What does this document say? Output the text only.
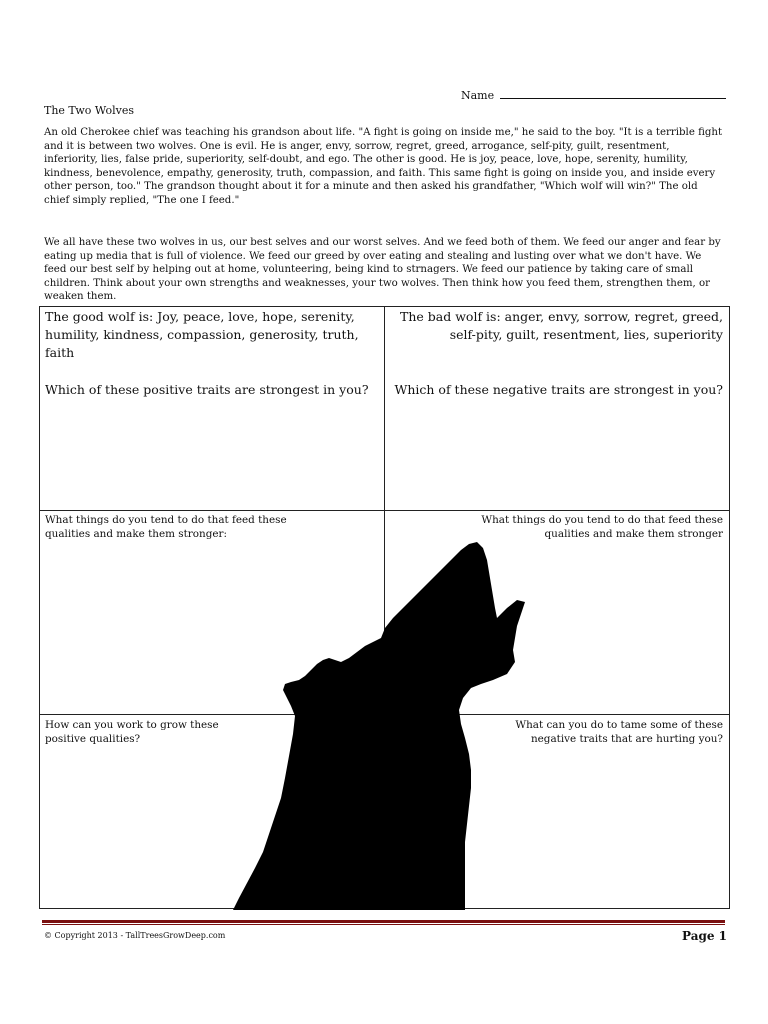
Name
The Two Wolves

An old Cherokee chief was teaching his grandson about life. "A fight is going on inside me," he said to the boy. "It is a terrible fight and it is between two wolves. One is evil. He is anger, envy, sorrow, regret, greed, arrogance, self-pity, guilt, resentment, inferiority, lies, false pride, superiority, self-doubt, and ego. The other is good. He is joy, peace, love, hope, serenity, humility, kindness, benevolence, empathy, generosity, truth, compassion, and faith. This same fight is going on inside you, and inside every other person, too." The grandson thought about it for a minute and then asked his grandfather, "Which wolf will win?" The old chief simply replied, "The one I feed."

We all have these two wolves in us, our best selves and our worst selves. And we feed both of them. We feed our anger and fear by eating up media that is full of violence. We feed our greed by over eating and stealing and lusting over what we don't have. We feed our best self by helping out at home, volunteering, being kind to strnagers. We feed our patience by taking care of small children. Think about your own strengths and weaknesses, your two wolves. Then think how you feed them, strengthen them, or weaken them.

The good wolf is: Joy, peace, love, hope, serenity, humility, kindness, compassion, generosity, truth, faith

Which of these positive traits are strongest in you?

The bad wolf is: anger, envy, sorrow, regret, greed, self-pity, guilt, resentment, lies, superiority

Which of these negative traits are strongest in you?

What things do you tend to do that feed these qualities and make them stronger:

What things do you tend to do that feed these qualities and make them stronger

How can you work to grow these positive qualities?

What can you do to tame some of these negative traits that are hurting you?

© Copyright 2013 - TallTreesGrowDeep.com	Page 1
